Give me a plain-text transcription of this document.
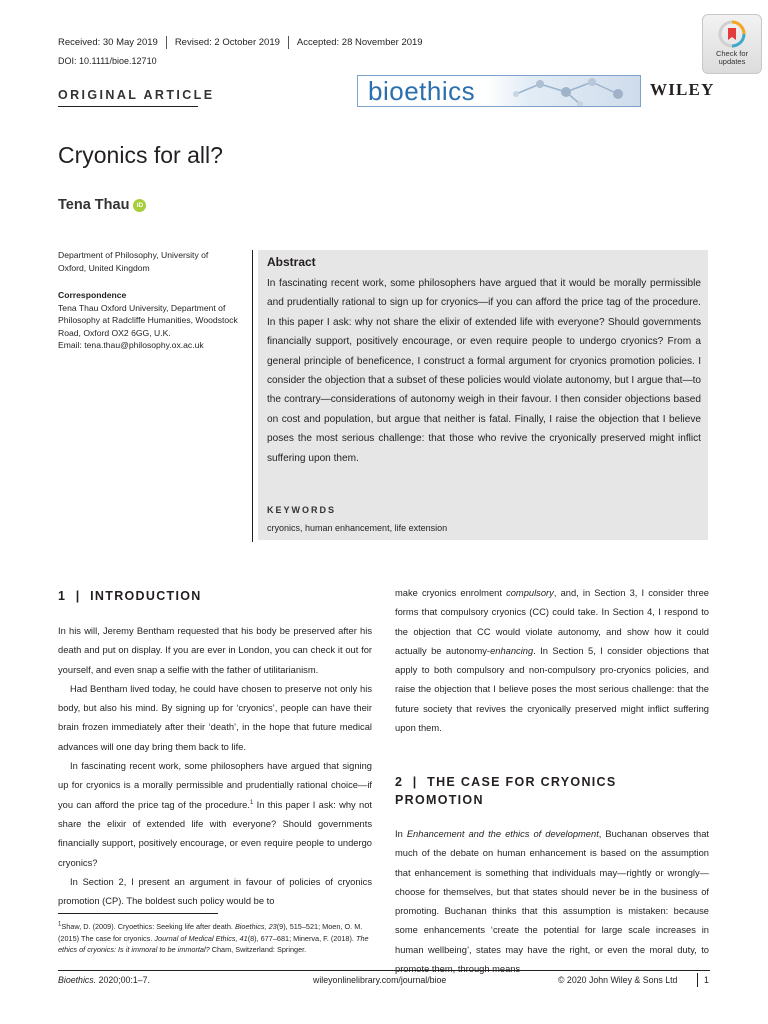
Received: 30 May 2019 Revised: 2 October 2019 Accepted: 28 November 2019
DOI: 10.1111/bioe.12710
Check for
updates
ORIGINAL ARTICLE	bioethics	WILEY
Cryonics for all?
Tena Thau	iD
Department of Philosophy, University of Oxford, United Kingdom
Correspondence
Tena Thau Oxford University, Department of Philosophy at Radcliffe Humanities, Woodstock Road, Oxford OX2 6GG, U.K.
Email: tena.thau@philosophy.ox.ac.uk
Abstract
In fascinating recent work, some philosophers have argued that it would be morally permissible and prudentially rational to sign up for cryonics—if you can afford the price tag of the procedure. In this paper I ask: why not share the elixir of extended life with everyone? Should governments financially support, positively encourage, or even require people to undergo cryonics? From a general principle of beneficence, I construct a formal argument for cryonics promotion policies. I consider the objection that a subset of these policies would violate autonomy, but I argue that—to the contrary—considerations of autonomy weigh in their favour. I then consider objections based on cost and population, but argue that neither is fatal. Finally, I raise the objection that I believe poses the most serious challenge: that those who revive the cryonically preserved might inflict suffering upon them.
KEYWORDS
cryonics, human enhancement, life extension
1  |  INTRODUCTION

In his will, Jeremy Bentham requested that his body be preserved after his death and put on display. If you are ever in London, you can check it out for yourself, and even snap a selfie with the father of utilitarianism.

Had Bentham lived today, he could have chosen to preserve not only his body, but also his mind. By signing up for ‘cryonics’, people can have their brain frozen immediately after their ‘death’, in the hope that future medical advances will one day bring them back to life.

In fascinating recent work, some philosophers have argued that signing up for cryonics is a morally permissible and prudentially rational choice—if you can afford the price tag of the procedure.$^1$ In this paper I ask: why not share the elixir of extended life with everyone? Should governments financially support, positively encourage, or even require people to undergo cryonics?

In Section 2, I present an argument in favour of policies of cryonics promotion (CP). The boldest such policy would be to

$^1$Shaw, D. (2009). Cryoethics: Seeking life after death. Bioethics, 23(9), 515–521; Moen, O. M. (2015) The case for cryonics. Journal of Medical Ethics, 41(8), 677–681; Minerva, F. (2018). The ethics of cryonics: Is it immoral to be immortal? Cham, Switzerland: Springer.

make cryonics enrolment compulsory, and, in Section 3, I consider three forms that compulsory cryonics (CC) could take. In Section 4, I respond to the objection that CC would violate autonomy, and show how it could actually be autonomy-enhancing. In Section 5, I consider objections that apply to both compulsory and non-compulsory pro-cryonics policies, and raise the objection that I believe poses the most serious challenge: that the future society that revives the cryonically preserved might inflict suffering upon them.

2  |  THE CASE FOR CRYONICS PROMOTION

In Enhancement and the ethics of development, Buchanan observes that much of the debate on human enhancement is based on the assumption that enhancement is something that individuals may—rightly or wrongly—choose for themselves, but that states should never be in the business of promoting. Buchanan thinks that this assumption is mistaken: because some enhancements ‘create the potential for large scale increases in human wellbeing’, states may have the right, or even the moral duty, to

Bioethics. 2020;00:1–7.	wileyonlinelibrary.com/journal/bioe	© 2020 John Wiley & Sons Ltd	1
